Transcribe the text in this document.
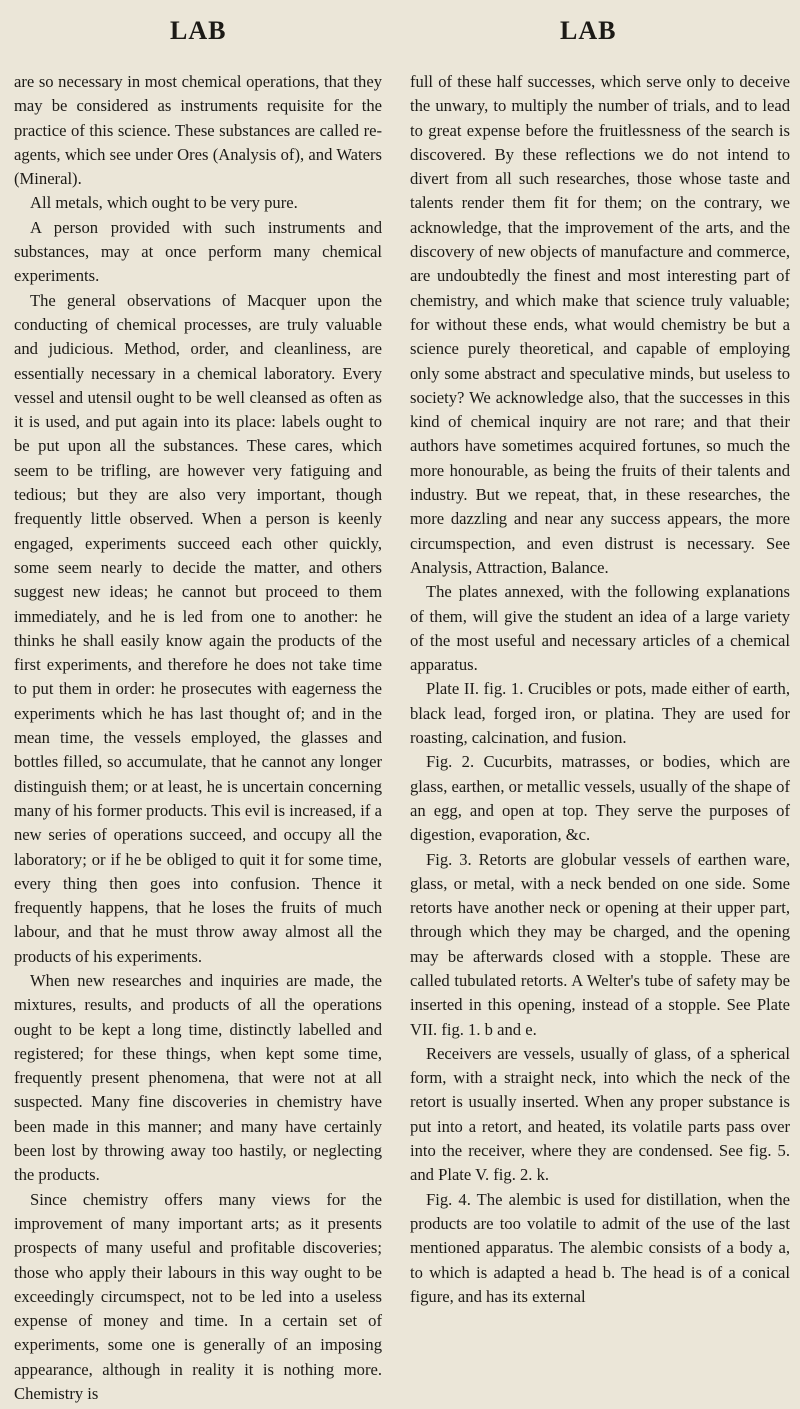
LAB	LAB

are so necessary in most chemical operations, that they may be considered as instruments requisite for the practice of this science. These substances are called re-agents, which see under Ores (Analysis of), and Waters (Mineral).

All metals, which ought to be very pure.

A person provided with such instruments and substances, may at once perform many chemical experiments.

The general observations of Macquer upon the conducting of chemical processes, are truly valuable and judicious. Method, order, and cleanliness, are essentially necessary in a chemical laboratory. Every vessel and utensil ought to be well cleansed as often as it is used, and put again into its place: labels ought to be put upon all the substances. These cares, which seem to be trifling, are however very fatiguing and tedious; but they are also very important, though frequently little observed. When a person is keenly engaged, experiments succeed each other quickly, some seem nearly to decide the matter, and others suggest new ideas; he cannot but proceed to them immediately, and he is led from one to another: he thinks he shall easily know again the products of the first experiments, and therefore he does not take time to put them in order: he prosecutes with eagerness the experiments which he has last thought of; and in the mean time, the vessels employed, the glasses and bottles filled, so accumulate, that he cannot any longer distinguish them; or at least, he is uncertain concerning many of his former products. This evil is increased, if a new series of operations succeed, and occupy all the laboratory; or if he be obliged to quit it for some time, every thing then goes into confusion. Thence it frequently happens, that he loses the fruits of much labour, and that he must throw away almost all the products of his experiments.

When new researches and inquiries are made, the mixtures, results, and products of all the operations ought to be kept a long time, distinctly labelled and registered; for these things, when kept some time, frequently present phenomena, that were not at all suspected. Many fine discoveries in chemistry have been made in this manner; and many have certainly been lost by throwing away too hastily, or neglecting the products.

Since chemistry offers many views for the improvement of many important arts; as it presents prospects of many useful and profitable discoveries; those who apply their labours in this way ought to be exceedingly circumspect, not to be led into a useless expense of money and time. In a certain set of experiments, some one is generally of an imposing appearance, although in reality it is nothing more. Chemistry is

full of these half successes, which serve only to deceive the unwary, to multiply the number of trials, and to lead to great expense before the fruitlessness of the search is discovered. By these reflections we do not intend to divert from all such researches, those whose taste and talents render them fit for them; on the contrary, we acknowledge, that the improvement of the arts, and the discovery of new objects of manufacture and commerce, are undoubtedly the finest and most interesting part of chemistry, and which make that science truly valuable; for without these ends, what would chemistry be but a science purely theoretical, and capable of employing only some abstract and speculative minds, but useless to society? We acknowledge also, that the successes in this kind of chemical inquiry are not rare; and that their authors have sometimes acquired fortunes, so much the more honourable, as being the fruits of their talents and industry. But we repeat, that, in these researches, the more dazzling and near any success appears, the more circumspection, and even distrust is necessary. See Analysis, Attraction, Balance.

The plates annexed, with the following explanations of them, will give the student an idea of a large variety of the most useful and necessary articles of a chemical apparatus.

Plate II. fig. 1. Crucibles or pots, made either of earth, black lead, forged iron, or platina. They are used for roasting, calcination, and fusion.

Fig. 2. Cucurbits, matrasses, or bodies, which are glass, earthen, or metallic vessels, usually of the shape of an egg, and open at top. They serve the purposes of digestion, evaporation, &c.

Fig. 3. Retorts are globular vessels of earthen ware, glass, or metal, with a neck bended on one side. Some retorts have another neck or opening at their upper part, through which they may be charged, and the opening may be afterwards closed with a stopple. These are called tubulated retorts. A Welter's tube of safety may be inserted in this opening, instead of a stopple. See Plate VII. fig. 1. b and e.

Receivers are vessels, usually of glass, of a spherical form, with a straight neck, into which the neck of the retort is usually inserted. When any proper substance is put into a retort, and heated, its volatile parts pass over into the receiver, where they are condensed. See fig. 5. and Plate V. fig. 2. k.

Fig. 4. The alembic is used for distillation, when the products are too volatile to admit of the use of the last mentioned apparatus. The alembic consists of a body a, to which is adapted a head b. The head is of a conical figure, and has its external
